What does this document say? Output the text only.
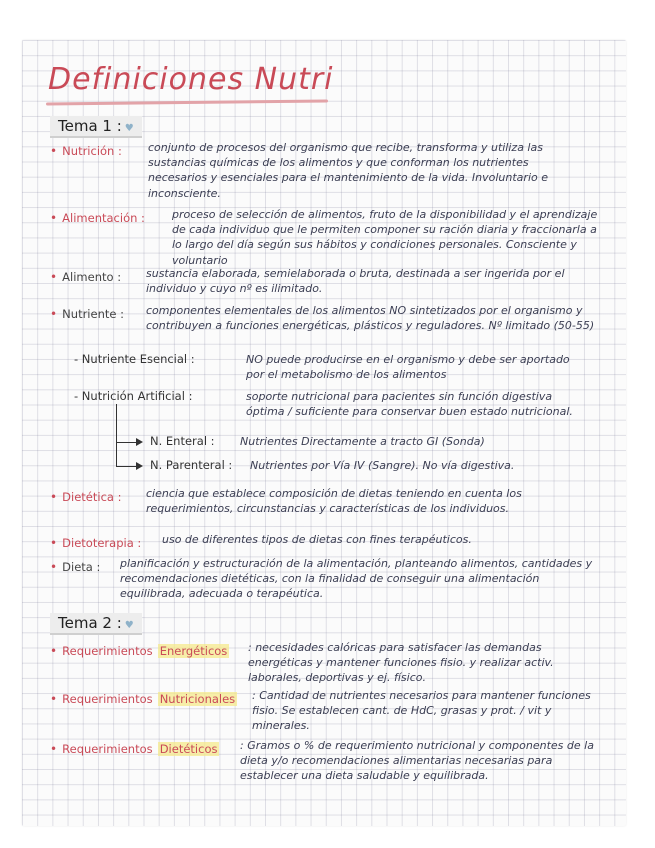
Definiciones Nutri
Tema 1 : ♥
• Nutrición : conjunto de procesos del organismo que recibe, transforma y utiliza las sustancias químicas de los alimentos y que conforman los nutrientes necesarios y esenciales para el mantenimiento de la vida. Involuntario e inconsciente.
• Alimentación : proceso de selección de alimentos, fruto de la disponibilidad y el aprendizaje de cada individuo que le permiten componer su ración diaria y fraccionarla a lo largo del día según sus hábitos y condiciones personales. Consciente y voluntario
• Alimento : sustancia elaborada, semielaborada o bruta, destinada a ser ingerida por el individuo y cuyo nº es ilimitado.
• Nutriente : componentes elementales de los alimentos NO sintetizados por el organismo y contribuyen a funciones energéticas, plásticos y reguladores. Nº limitado (50-55)
- Nutriente Esencial :	NO puede producirse en el organismo y debe ser aportado por el metabolismo de los alimentos
- Nutrición Artificial :	soporte nutricional para pacientes sin función digestiva óptima / suficiente para conservar buen estado nutricional.
N. Enteral : Nutrientes Directamente a tracto GI (Sonda)
N. Parenteral : Nutrientes por Vía IV (Sangre). No vía digestiva.
• Dietética : ciencia que establece composición de dietas teniendo en cuenta los requerimientos, circunstancias y características de los individuos.
• Dietoterapia : uso de diferentes tipos de dietas con fines terapéuticos.
• Dieta : planificación y estructuración de la alimentación, planteando alimentos, cantidades y recomendaciones dietéticas, con la finalidad de conseguir una alimentación equilibrada, adecuada o terapéutica.
Tema 2 : ♥
• Requerimientos Energéticos : necesidades calóricas para satisfacer las demandas energéticas y mantener funciones fisio. y realizar activ. laborales, deportivas y ej. físico.
• Requerimientos Nutricionales : Cantidad de nutrientes necesarios para mantener funciones fisio. Se establecen cant. de HdC, grasas y prot. / vit y minerales.
• Requerimientos Dietéticos : Gramos o % de requerimiento nutricional y componentes de la dieta y/o recomendaciones alimentarias necesarias para establecer una dieta saludable y equilibrada.
